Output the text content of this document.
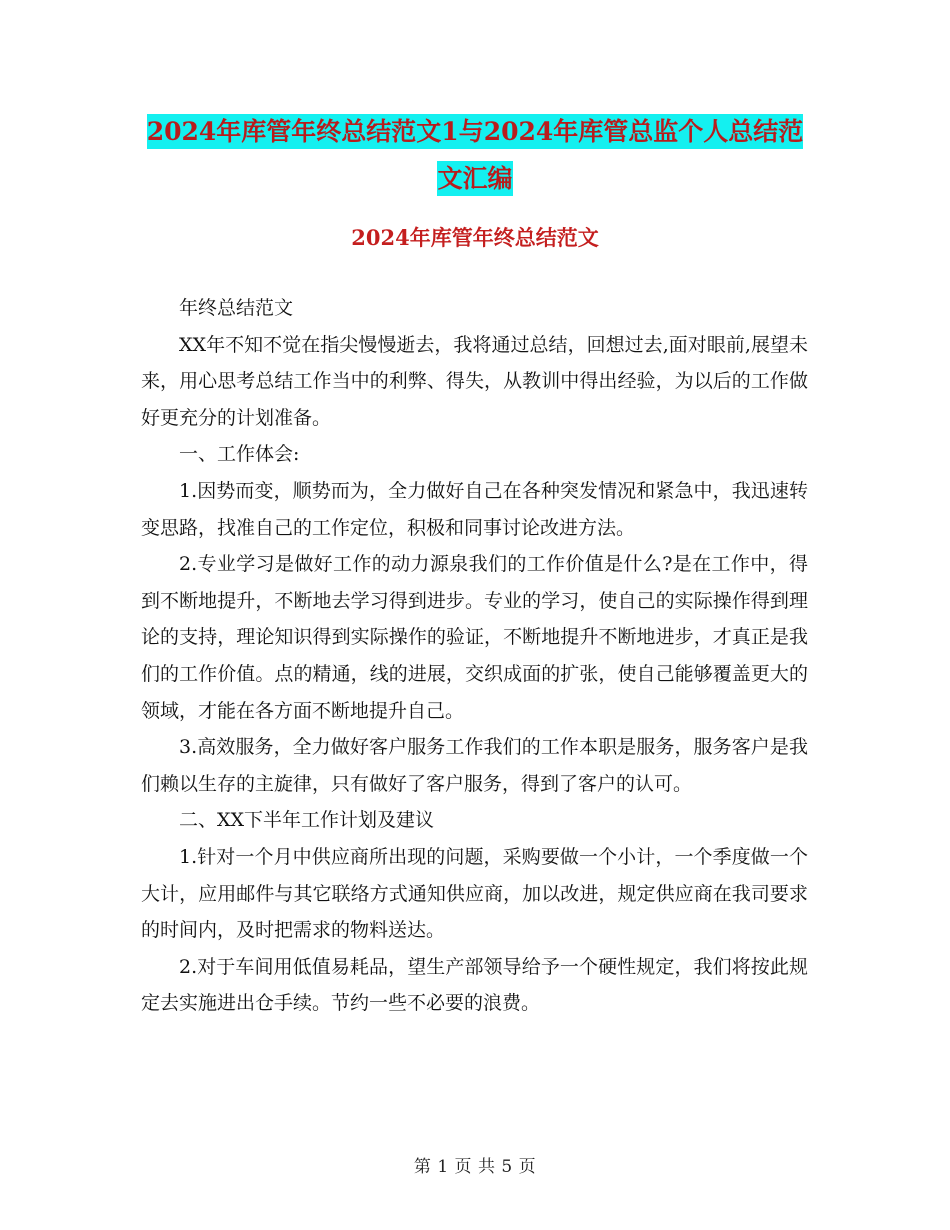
2024年库管年终总结范文1与2024年库管总监个人总结范文汇编
2024年库管年终总结范文

年终总结范文

XX年不知不觉在指尖慢慢逝去，我将通过总结，回想过去,面对眼前,展望未来，用心思考总结工作当中的利弊、得失，从教训中得出经验，为以后的工作做好更充分的计划准备。

一、工作体会:

1.因势而变，顺势而为，全力做好自己在各种突发情况和紧急中，我迅速转变思路，找准自己的工作定位，积极和同事讨论改进方法。

2.专业学习是做好工作的动力源泉我们的工作价值是什么?是在工作中，得到不断地提升，不断地去学习得到进步。专业的学习，使自己的实际操作得到理论的支持，理论知识得到实际操作的验证，不断地提升不断地进步，才真正是我们的工作价值。点的精通，线的进展，交织成面的扩张，使自己能够覆盖更大的领域，才能在各方面不断地提升自己。

3.高效服务，全力做好客户服务工作我们的工作本职是服务，服务客户是我们赖以生存的主旋律，只有做好了客户服务，得到了客户的认可。

二、XX下半年工作计划及建议

1.针对一个月中供应商所出现的问题，采购要做一个小计，一个季度做一个大计，应用邮件与其它联络方式通知供应商，加以改进，规定供应商在我司要求的时间内，及时把需求的物料送达。

2.对于车间用低值易耗品，望生产部领导给予一个硬性规定，我们将按此规定去实施进出仓手续。节约一些不必要的浪费。

第 1 页 共 5 页
